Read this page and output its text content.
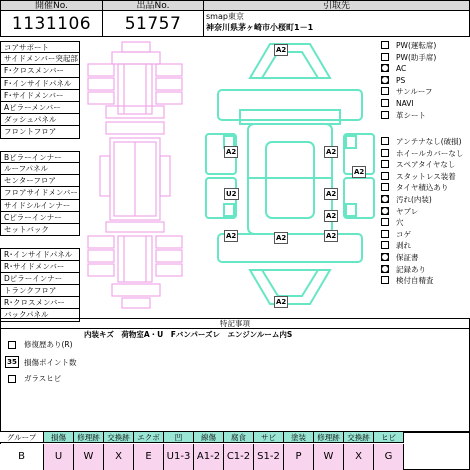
開催No.
1131106
出品No.
51757
引取先
smap東京
神奈川県茅ヶ崎市小桜町1－1
コアサポート
サイドメンバー突起部
F･クロスメンバー
F･インサイドパネル
F･サイドメンバー
Aピラーメンバー
ダッシュパネル
フロントフロア
Bピラーインナー
ルーフパネル
センターフロア
フロアサイドメンバー
サイドシルインナー
Cピラーインナー
セットバック
R･インサイドパネル
R･サイドメンバー
Dピラーインナー
トランクフロア
R･クロスメンバー
バックパネル
A2
A2	A2
A2
A2
U2	A2
A2
A2
A2
A2
PW(運転席)
PW(助手席)
AC
PS
サンルーフ
NAVI
革シート
アンテナなし(破損)
ホイールカバーなし
スペアタイヤなし
スタットレス装着
タイヤ積込あり
汚れ(内装)
ヤブレ
穴
コゲ
剥れ
保証書
記録あり
検付自精査
特記事項
内装キズ　荷物室A・U　Fバンパーズレ　エンジンルーム内S
修復歴あり(R)
35 損傷ポイント数
ガラスヒビ
グループ
B
損傷
U
修理跡
W
交換跡
X
エクボ
E
凹
U1-3
線傷
A1-2
腐食
C1-2
サビ
S1-2
塗装
P
修理跡
W
交換跡
X
ヒビ
G
